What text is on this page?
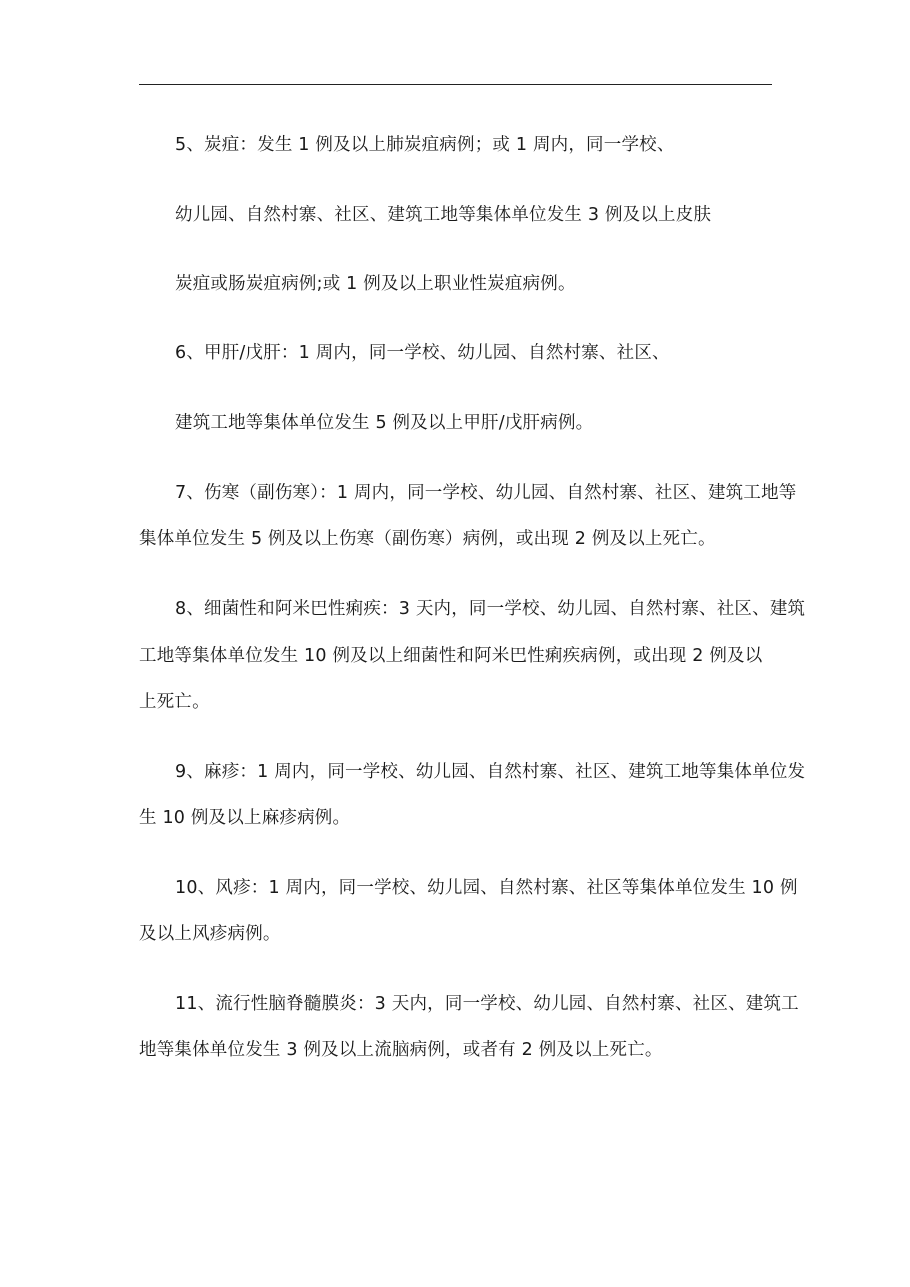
5、炭疽：发生 1 例及以上肺炭疽病例；或 1 周内，同一学校、

幼儿园、自然村寨、社区、建筑工地等集体单位发生 3 例及以上皮肤

炭疽或肠炭疽病例;或 1 例及以上职业性炭疽病例。

6、甲肝/戊肝：1 周内，同一学校、幼儿园、自然村寨、社区、

建筑工地等集体单位发生 5 例及以上甲肝/戊肝病例。

7、伤寒（副伤寒）：1 周内，同一学校、幼儿园、自然村寨、社区、建筑工地等

集体单位发生 5 例及以上伤寒（副伤寒）病例，或出现 2 例及以上死亡。

8、细菌性和阿米巴性痢疾：3 天内，同一学校、幼儿园、自然村寨、社区、建筑

工地等集体单位发生 10 例及以上细菌性和阿米巴性痢疾病例，或出现 2 例及以

上死亡。

9、麻疹：1 周内，同一学校、幼儿园、自然村寨、社区、建筑工地等集体单位发

生 10 例及以上麻疹病例。

10、风疹：1 周内，同一学校、幼儿园、自然村寨、社区等集体单位发生 10 例

及以上风疹病例。

11、流行性脑脊髓膜炎：3 天内，同一学校、幼儿园、自然村寨、社区、建筑工

地等集体单位发生 3 例及以上流脑病例，或者有 2 例及以上死亡。
